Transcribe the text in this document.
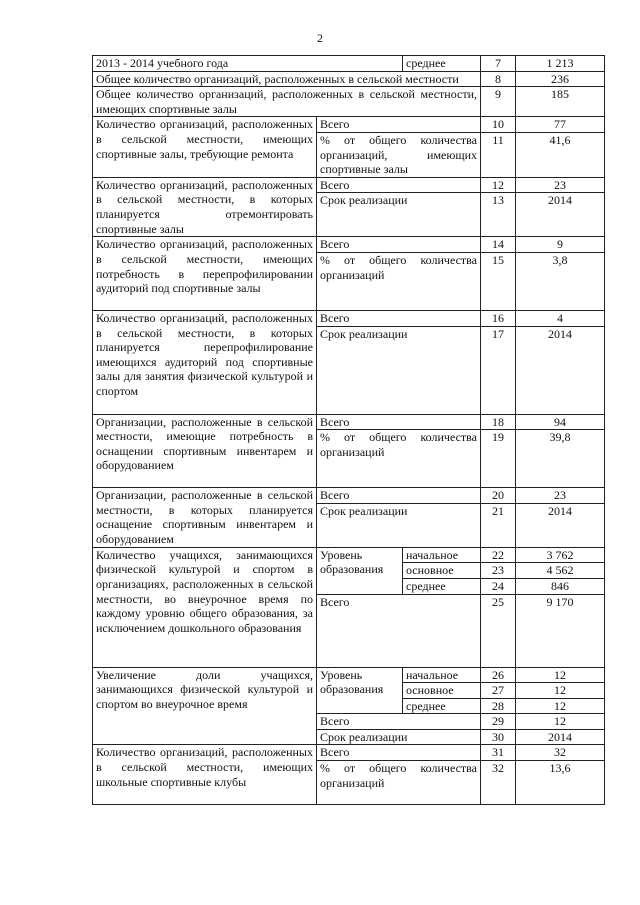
2
2013 - 2014 учебного года		среднее	7	1 213
Общее количество организаций, расположенных в сельской местности			8	236
Общее количество организаций, расположенных в сельской местности, имеющих спортивные залы			9	185
Количество организаций, расположенных в сельской местности, имеющих спортивные залы, требующие ремонта	Всего		10	77
	% от общего количества организаций, имеющих спортивные залы		11	41,6
Количество организаций, расположенных в сельской местности, в которых планируется отремонтировать спортивные залы	Всего		12	23
	Срок реализации		13	2014
Количество организаций, расположенных в сельской местности, имеющих потребность в перепрофилировании аудиторий под спортивные залы	Всего		14	9
	% от общего количества организаций		15	3,8
Количество организаций, расположенных в сельской местности, в которых планируется перепрофилирование имеющихся аудиторий под спортивные залы для занятия физической культурой и спортом	Всего		16	4
	Срок реализации		17	2014
Организации, расположенные в сельской местности, имеющие потребность в оснащении спортивным инвентарем и оборудованием	Всего		18	94
	% от общего количества организаций		19	39,8
Организации, расположенные в сельской местности, в которых планируется оснащение спортивным инвентарем и оборудованием	Всего		20	23
	Срок реализации		21	2014
Количество учащихся, занимающихся физической культурой и спортом в организациях, расположенных в сельской местности, во внеурочное время по каждому уровню общего образования, за исключением дошкольного образования	Уровень образования	начальное	22	3 762
		основное	23	4 562
		среднее	24	846
	Всего		25	9 170
Увеличение доли учащихся, занимающихся физической культурой и спортом во внеурочное время	Уровень образования	начальное	26	12
		основное	27	12
		среднее	28	12
	Всего		29	12
	Срок реализации		30	2014
Количество организаций, расположенных в сельской местности, имеющих школьные спортивные клубы	Всего		31	32
	% от общего количества организаций		32	13,6
